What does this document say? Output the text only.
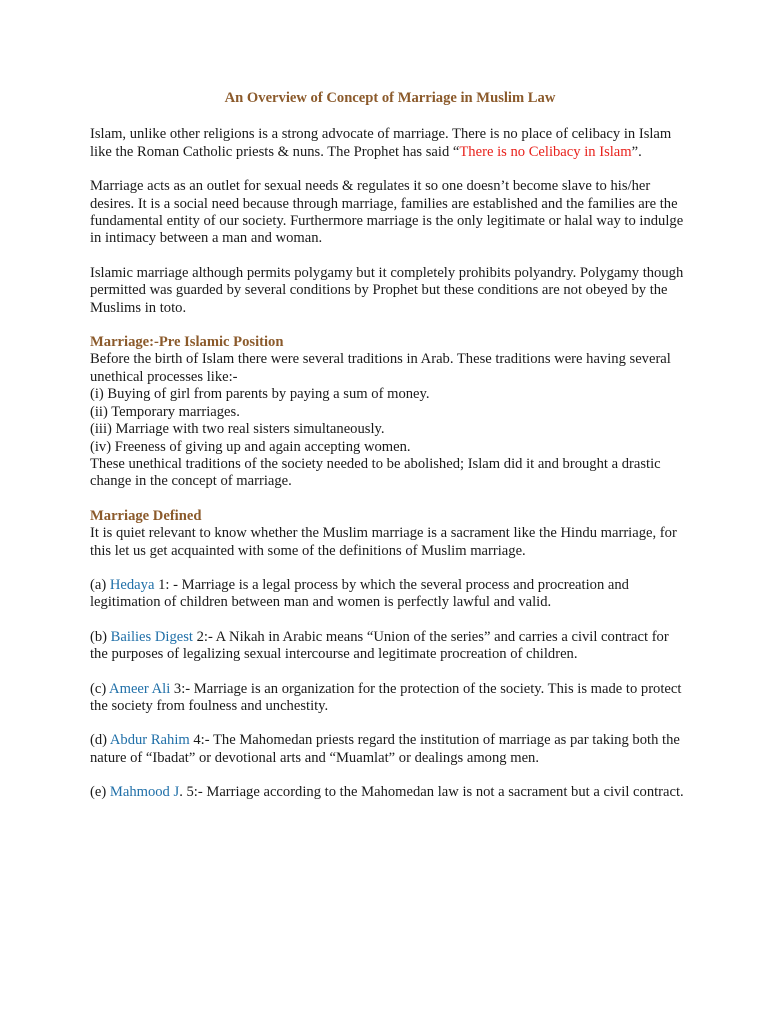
An Overview of Concept of Marriage in Muslim Law

Islam, unlike other religions is a strong advocate of marriage. There is no place of celibacy in Islam like the Roman Catholic priests & nuns. The Prophet has said “There is no Celibacy in Islam”.

Marriage acts as an outlet for sexual needs & regulates it so one doesn’t become slave to his/her desires. It is a social need because through marriage, families are established and the families are the fundamental entity of our society. Furthermore marriage is the only legitimate or halal way to indulge in intimacy between a man and woman.

Islamic marriage although permits polygamy but it completely prohibits polyandry. Polygamy though permitted was guarded by several conditions by Prophet but these conditions are not obeyed by the Muslims in toto.

Marriage:-Pre Islamic Position
Before the birth of Islam there were several traditions in Arab. These traditions were having several unethical processes like:-
(i) Buying of girl from parents by paying a sum of money.
(ii) Temporary marriages.
(iii) Marriage with two real sisters simultaneously.
(iv) Freeness of giving up and again accepting women.
These unethical traditions of the society needed to be abolished; Islam did it and brought a drastic change in the concept of marriage.
Marriage Defined
It is quiet relevant to know whether the Muslim marriage is a sacrament like the Hindu marriage, for this let us get acquainted with some of the definitions of Muslim marriage.

(a) Hedaya 1: - Marriage is a legal process by which the several process and procreation and legitimation of children between man and women is perfectly lawful and valid.

(b) Bailies Digest 2:- A Nikah in Arabic means “Union of the series” and carries a civil contract for the purposes of legalizing sexual intercourse and legitimate procreation of children.

(c) Ameer Ali 3:- Marriage is an organization for the protection of the society. This is made to protect the society from foulness and unchestity.

(d) Abdur Rahim 4:- The Mahomedan priests regard the institution of marriage as par taking both the nature of “Ibadat” or devotional arts and “Muamlat” or dealings among men.

(e) Mahmood J. 5:- Marriage according to the Mahomedan law is not a sacrament but a civil contract.
